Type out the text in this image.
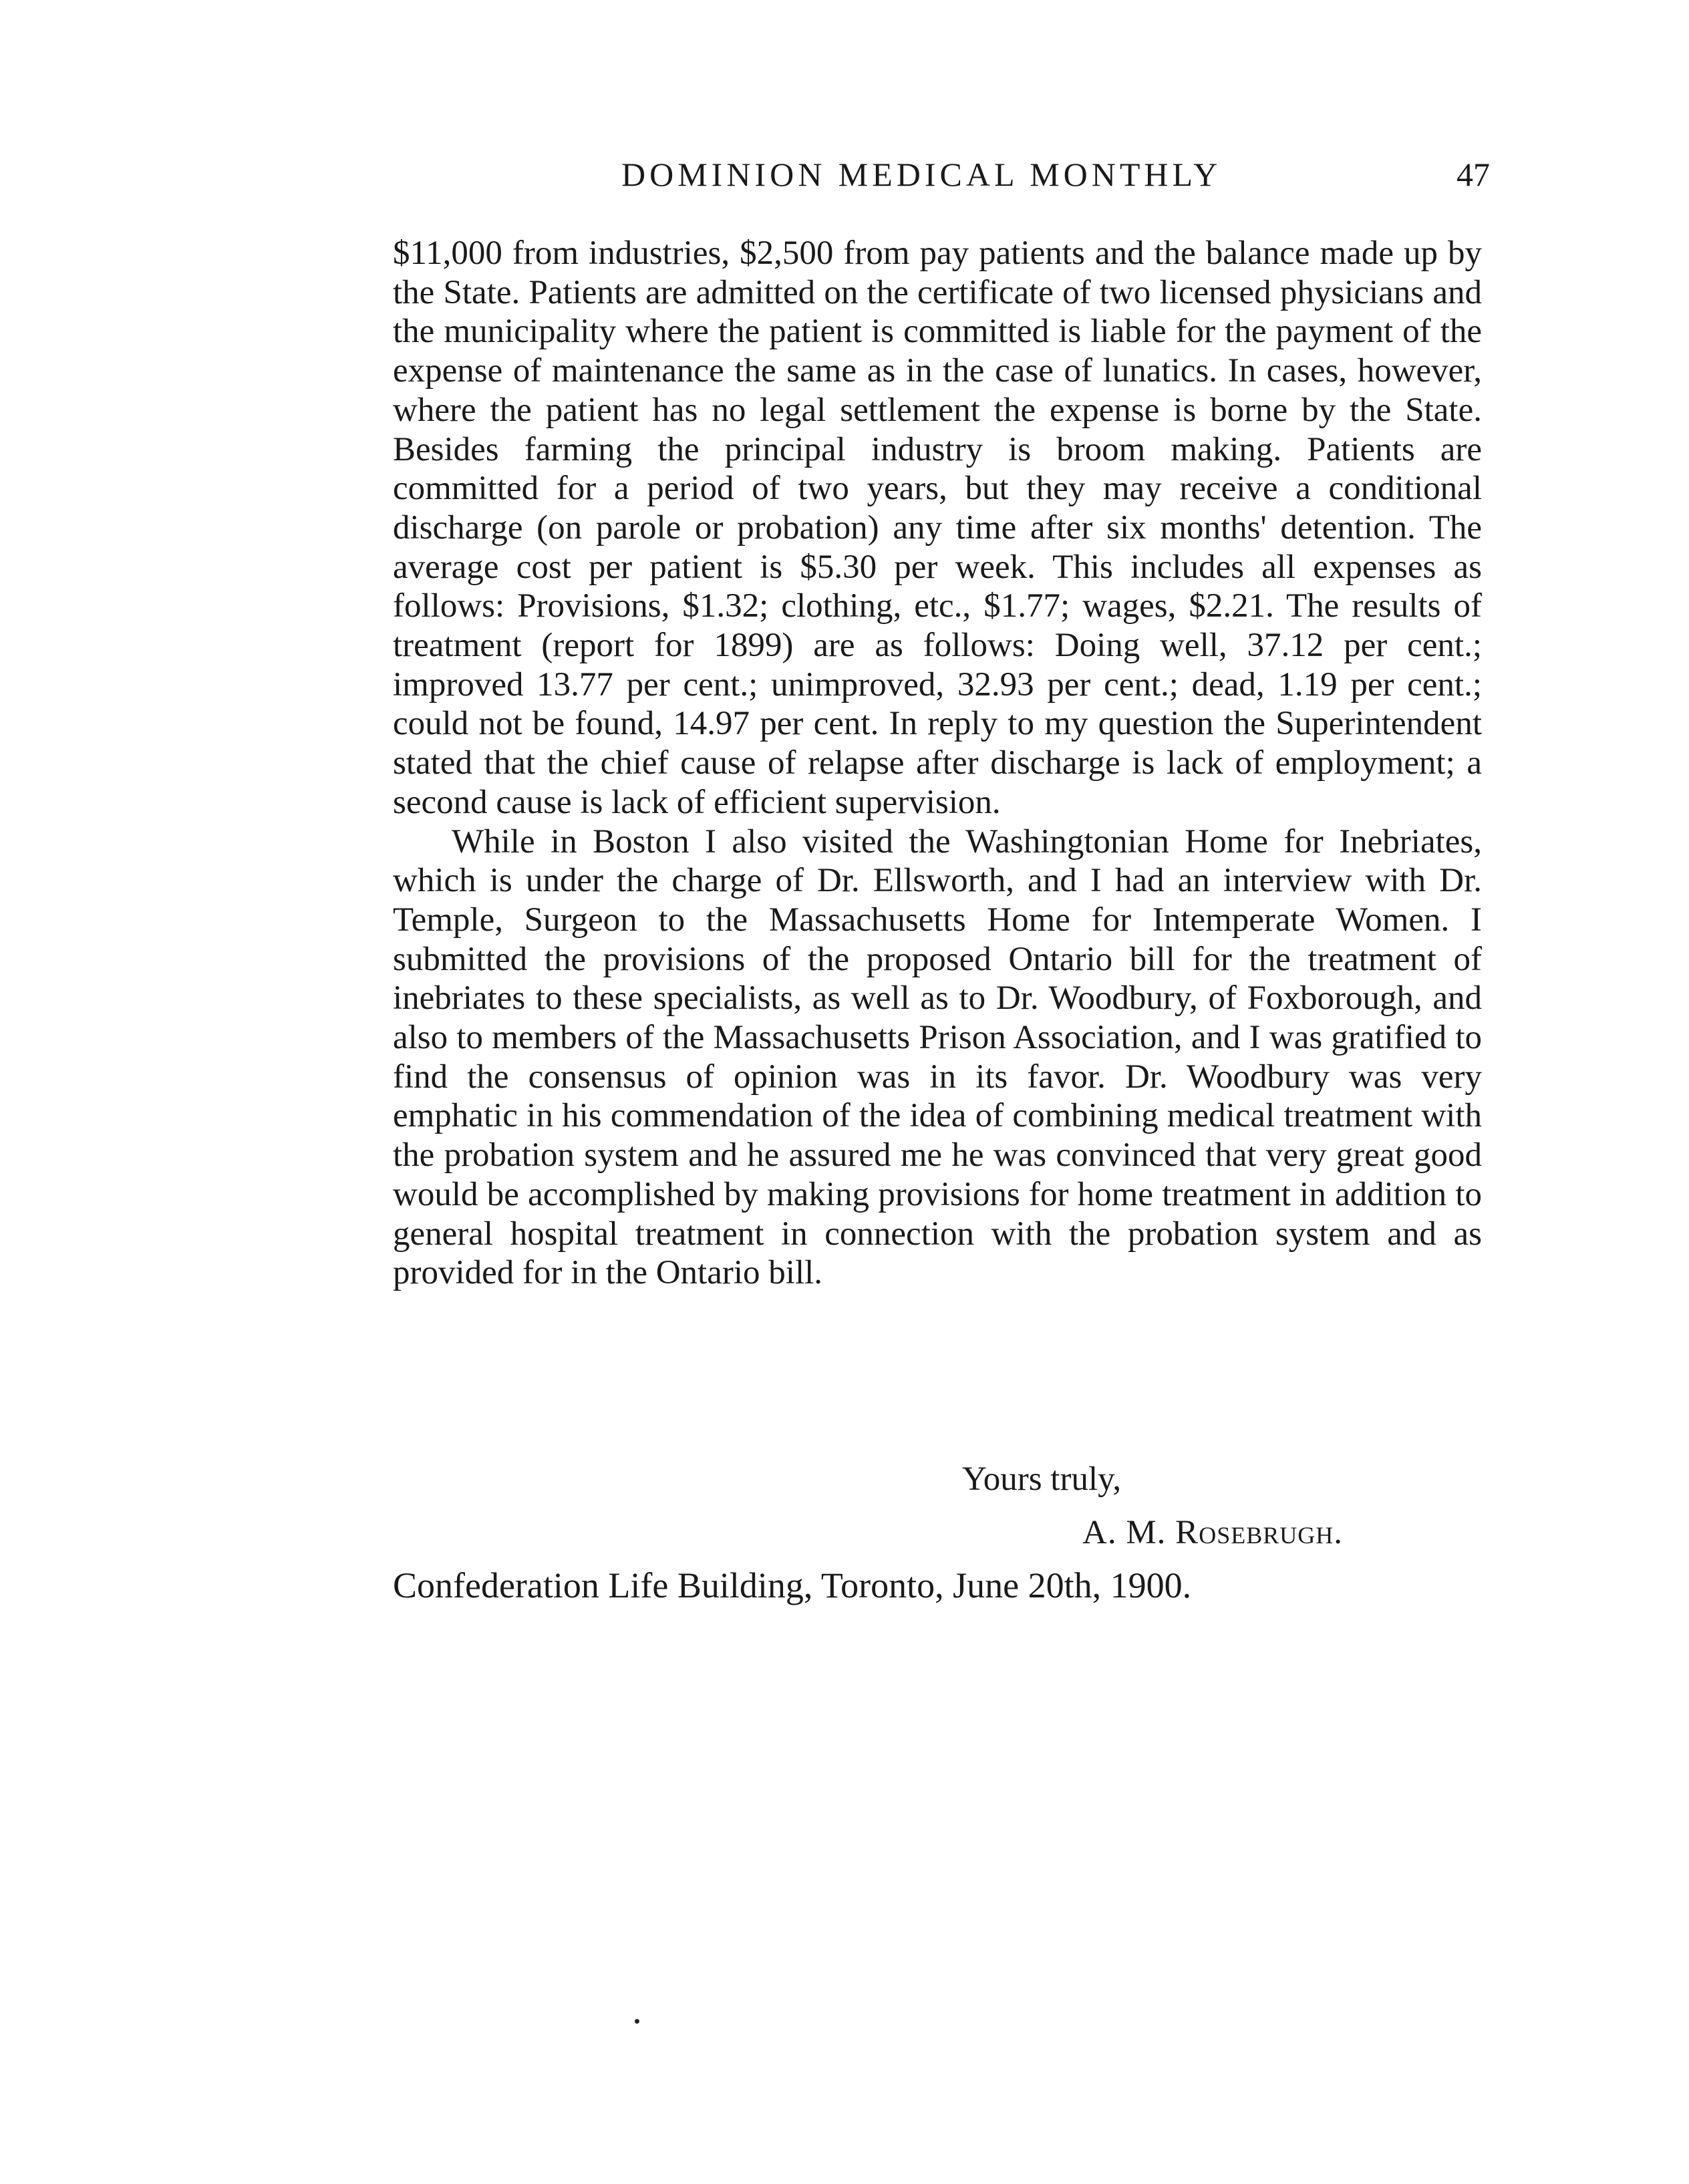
DOMINION MEDICAL MONTHLY	47

$11,000 from industries, $2,500 from pay patients and the balance made up by the State. Patients are admitted on the certificate of two licensed physicians and the municipality where the patient is committed is liable for the payment of the expense of maintenance the same as in the case of lunatics. In cases, however, where the patient has no legal settlement the expense is borne by the State. Besides farming the principal industry is broom making. Patients are committed for a period of two years, but they may receive a conditional discharge (on parole or probation) any time after six months' detention. The average cost per patient is $5.30 per week. This includes all expenses as follows: Provisions, $1.32; clothing, etc., $1.77; wages, $2.21. The results of treatment (report for 1899) are as follows: Doing well, 37.12 per cent.; improved 13.77 per cent.; unimproved, 32.93 per cent.; dead, 1.19 per cent.; could not be found, 14.97 per cent. In reply to my question the Superintendent stated that the chief cause of relapse after discharge is lack of employment; a second cause is lack of efficient supervision.

While in Boston I also visited the Washingtonian Home for Inebriates, which is under the charge of Dr. Ellsworth, and I had an interview with Dr. Temple, Surgeon to the Massachusetts Home for Intemperate Women. I submitted the provisions of the proposed Ontario bill for the treatment of inebriates to these specialists, as well as to Dr. Woodbury, of Foxborough, and also to members of the Massachusetts Prison Association, and I was gratified to find the consensus of opinion was in its favor. Dr. Woodbury was very emphatic in his commendation of the idea of combining medical treatment with the probation system and he assured me he was convinced that very great good would be accomplished by making provisions for home treatment in addition to general hospital treatment in connection with the probation system and as provided for in the Ontario bill.

Yours truly,
A. M. Rosebrugh.
Confederation Life Building, Toronto, June 20th, 1900.
